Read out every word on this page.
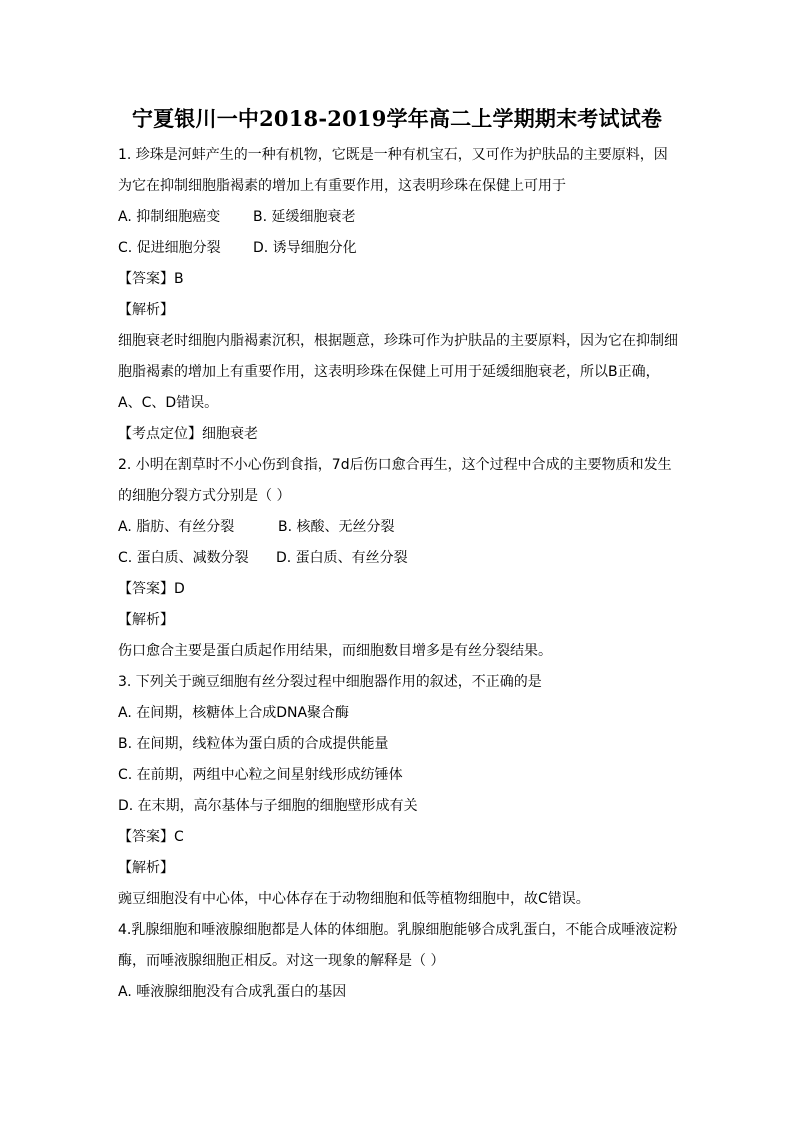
宁夏银川一中2018-2019学年高二上学期期末考试试卷

1. 珍珠是河蚌产生的一种有机物，它既是一种有机宝石，又可作为护肤品的主要原料，因为它在抑制细胞脂褐素的增加上有重要作用，这表明珍珠在保健上可用于

A. 抑制细胞癌变	B. 延缓细胞衰老

C. 促进细胞分裂	D. 诱导细胞分化

【答案】B

【解析】

细胞衰老时细胞内脂褐素沉积，根据题意，珍珠可作为护肤品的主要原料，因为它在抑制细胞脂褐素的增加上有重要作用，这表明珍珠在保健上可用于延缓细胞衰老，所以B正确，A、C、D错误。

【考点定位】细胞衰老

2. 小明在割草时不小心伤到食指，7d后伤口愈合再生，这个过程中合成的主要物质和发生的细胞分裂方式分别是（ ）

A. 脂肪、有丝分裂	B. 核酸、无丝分裂

C. 蛋白质、减数分裂	D. 蛋白质、有丝分裂

【答案】D

【解析】

伤口愈合主要是蛋白质起作用结果，而细胞数目增多是有丝分裂结果。

3. 下列关于豌豆细胞有丝分裂过程中细胞器作用的叙述，不正确的是

A. 在间期，核糖体上合成DNA聚合酶

B. 在间期，线粒体为蛋白质的合成提供能量

C. 在前期，两组中心粒之间星射线形成纺锤体

D. 在末期，高尔基体与子细胞的细胞壁形成有关

【答案】C

【解析】

豌豆细胞没有中心体，中心体存在于动物细胞和低等植物细胞中，故C错误。

4.乳腺细胞和唾液腺细胞都是人体的体细胞。乳腺细胞能够合成乳蛋白，不能合成唾液淀粉酶，而唾液腺细胞正相反。对这一现象的解释是（ ）

A. 唾液腺细胞没有合成乳蛋白的基因
